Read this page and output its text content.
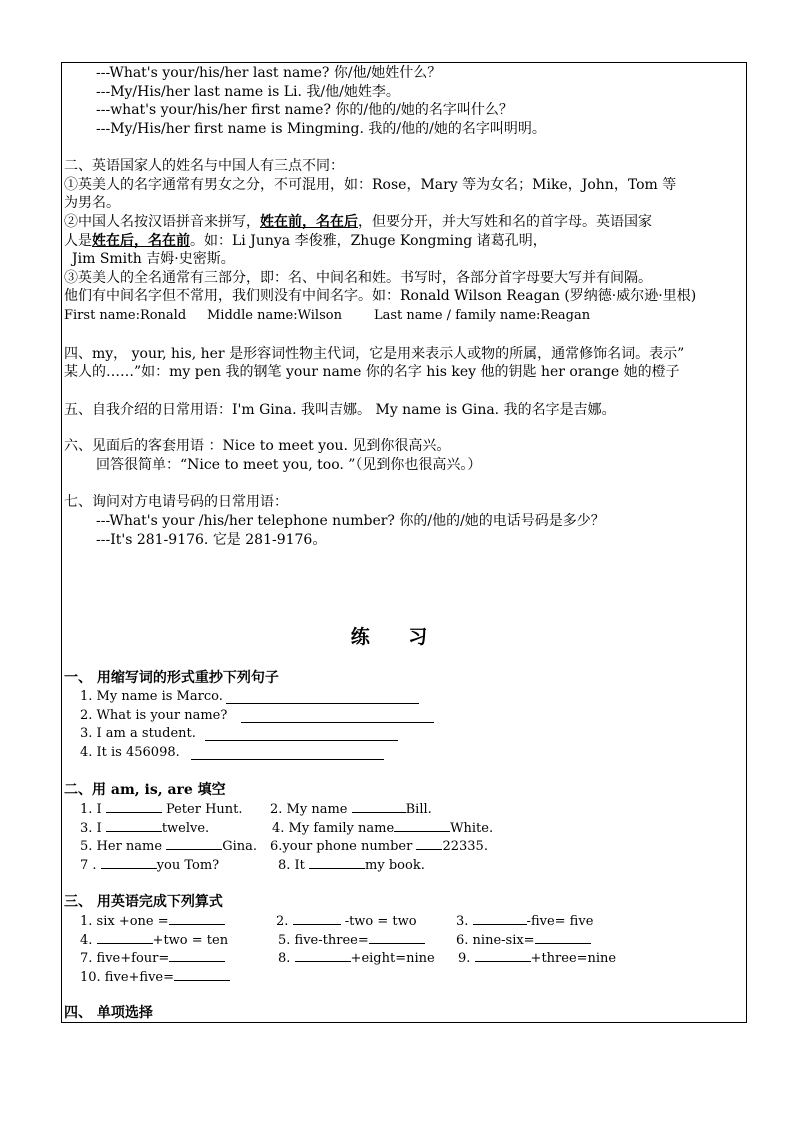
---What's your/his/her last name? 你/他/她姓什么？
---My/His/her last name is Li. 我/他/她姓李。
---what's your/his/her first name? 你的/他的/她的名字叫什么？
---My/His/her first name is Mingming. 我的/他的/她的名字叫明明。
二、英语国家人的姓名与中国人有三点不同：
①英美人的名字通常有男女之分，不可混用，如：Rose，Mary 等为女名；Mike，John，Tom 等
为男名。
②中国人名按汉语拼音来拼写，姓在前，名在后，但要分开，并大写姓和名的首字母。英语国家
人是姓在后，名在前。如：Li Junya 李俊雅，Zhuge Kongming 诸葛孔明，
Jim Smith 吉姆·史密斯。
③英美人的全名通常有三部分，即：名、中间名和姓。书写时，各部分首字母要大写并有间隔。
他们有中间名字但不常用，我们则没有中间名字。如：Ronald Wilson Reagan (罗纳德·威尔逊·里根)
First name:Ronald Middle name:Wilson Last name / family name:Reagan
四、my， your, his, her 是形容词性物主代词，它是用来表示人或物的所属，通常修饰名词。表示”
某人的……”如：my pen 我的钢笔 your name 你的名字 his key 他的钥匙 her orange 她的橙子
五、自我介绍的日常用语：I'm Gina. 我叫吉娜。 My name is Gina. 我的名字是吉娜。
六、见面后的客套用语 ：Nice to meet you. 见到你很高兴。
回答很简单：“Nice to meet you, too. ”（见到你也很高兴。）
七、询问对方电请号码的日常用语：
---What's your /his/her telephone number? 你的/他的/她的电话号码是多少？
---It's 281-9176. 它是 281-9176。
练 习
一、 用缩写词的形式重抄下列句子
1. My name is Marco.
2. What is your name?
3. I am a student.
4. It is 456098.
二、用 am, is, are 填空
1. I	Peter Hunt. 2. My name	Bill.
3. I	twelve.	4. My family name	White.
5. Her name	Gina. 6.your phone number 22335.
7 .	you Tom?	8. It	my book.
三、 用英语完成下列算式
1. six +one =	2.	-two = two	3.	-five= five
4.	+two = ten	5. five-three=	6. nine-six=
7. five+four=	8.	+eight=nine 9.	+three=nine
10. five+five=
四、 单项选择
